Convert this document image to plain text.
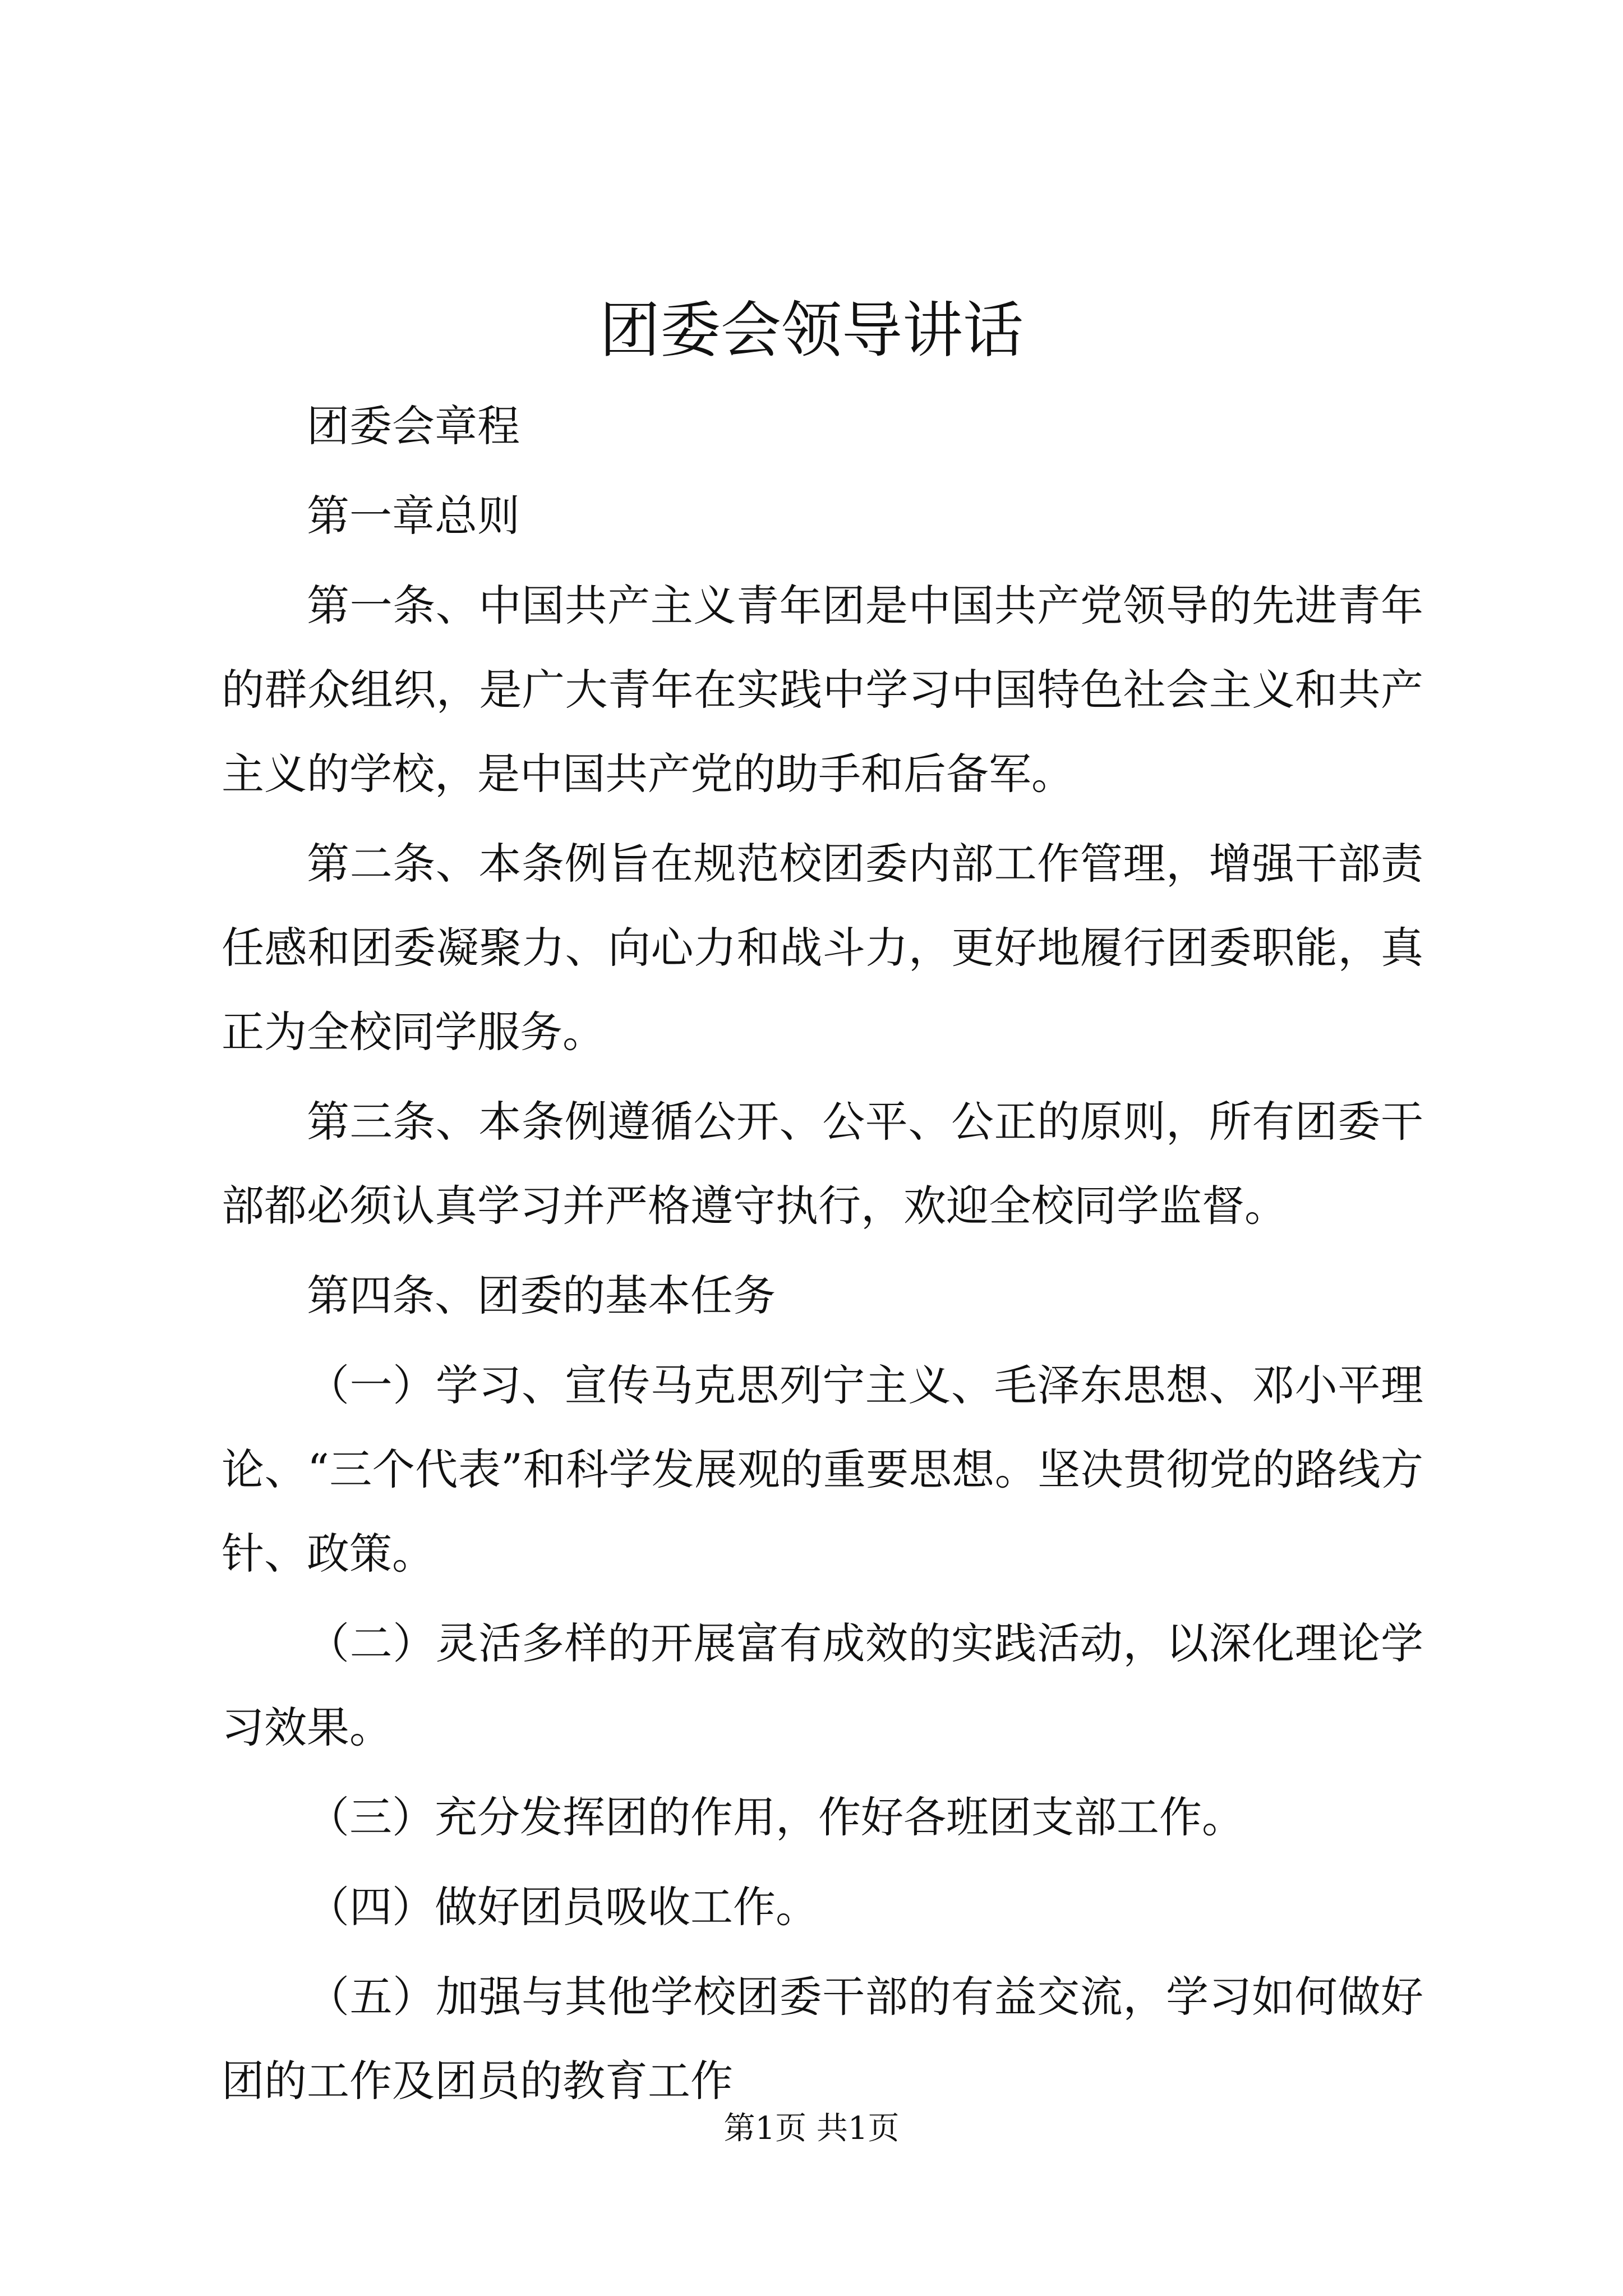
团委会领导讲话

团委会章程

第一章总则

第一条、中国共产主义青年团是中国共产党领导的先进青年的群众组织，是广大青年在实践中学习中国特色社会主义和共产主义的学校，是中国共产党的助手和后备军。

第二条、本条例旨在规范校团委内部工作管理，增强干部责任感和团委凝聚力、向心力和战斗力，更好地履行团委职能，真正为全校同学服务。

第三条、本条例遵循公开、公平、公正的原则，所有团委干部都必须认真学习并严格遵守执行，欢迎全校同学监督。

第四条、团委的基本任务

（一）学习、宣传马克思列宁主义、毛泽东思想、邓小平理论、“三个代表”和科学发展观的重要思想。坚决贯彻党的路线方针、政策。

（二）灵活多样的开展富有成效的实践活动，以深化理论学习效果。

（三）充分发挥团的作用，作好各班团支部工作。

（四）做好团员吸收工作。

（五）加强与其他学校团委干部的有益交流，学习如何做好团的工作及团员的教育工作

第1页 共1页
